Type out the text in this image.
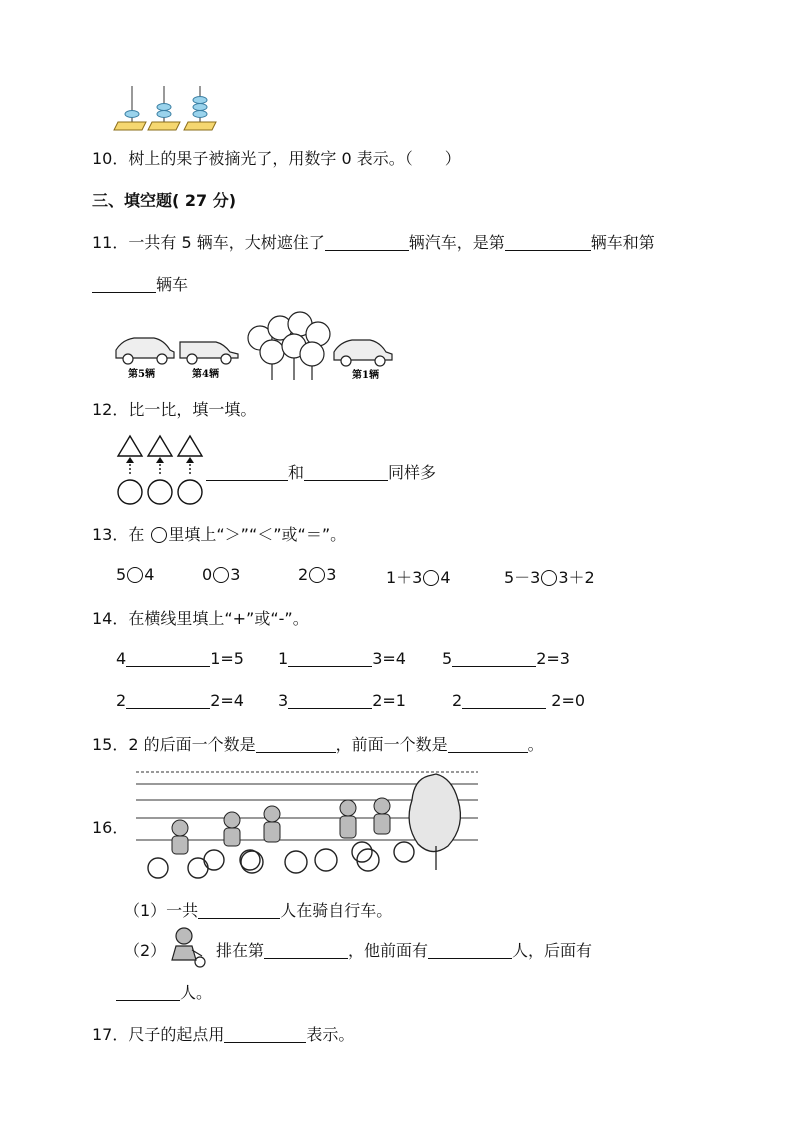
10．树上的果子被摘光了，用数字 0 表示。（　　）
三、填空题( 27 分)
11．一共有 5 辆车，大树遮住了	辆汽车，是第	辆车和第
辆车
第5辆	第4辆	第1辆
12．比一比，填一填。
和	同样多
13．在 里填上“＞”“＜”或“＝”。
5 4	0 3	2 3	1＋3 4	5－3 3＋2
14．在横线里填上“+”或“-”。
4	1=5 1	3=4 5	2=3
2	2=4 3	2=1	2	2=0
15．2 的后面一个数是	，前面一个数是	。
16．
（1）一共	人在骑自行车。
（2）	排在第	，他前面有	人，后面有
人。
17．尺子的起点用	表示。
